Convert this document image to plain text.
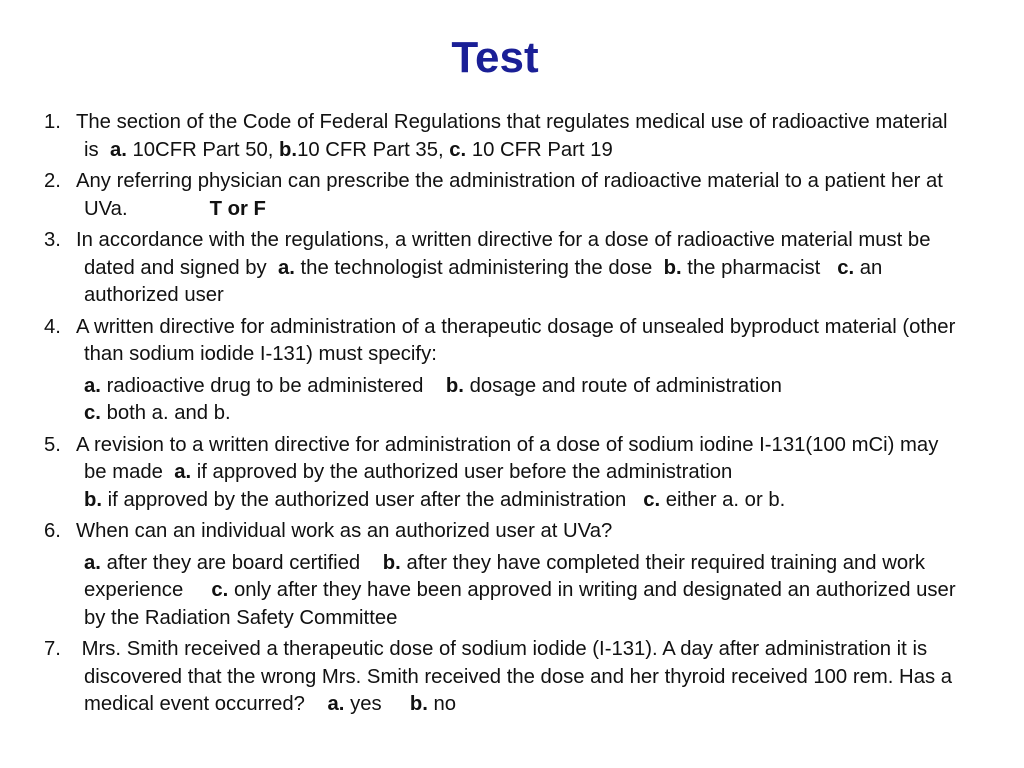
Test
1. The section of the Code of Federal Regulations that regulates medical use of radioactive material is a. 10CFR Part 50, b.10 CFR Part 35, c. 10 CFR Part 19
2. Any referring physician can prescribe the administration of radioactive material to a patient her at UVa.	T or F
3. In accordance with the regulations, a written directive for a dose of radioactive material must be dated and signed by a. the technologist administering the dose b. the pharmacist c. an authorized user
4. A written directive for administration of a therapeutic dosage of unsealed byproduct material (other than sodium iodide I-131) must specify:
a. radioactive drug to be administered b. dosage and route of administration
c. both a. and b.
5. A revision to a written directive for administration of a dose of sodium iodine I-131(100 mCi) may be made a. if approved by the authorized user before the administration
b. if approved by the authorized user after the administration c. either a. or b.
6. When can an individual work as an authorized user at UVa?
a. after they are board certified b. after they have completed their required training and work experience c. only after they have been approved in writing and designated an authorized user by the Radiation Safety Committee
7. Mrs. Smith received a therapeutic dose of sodium iodide (I-131). A day after administration it is discovered that the wrong Mrs. Smith received the dose and her thyroid received 100 rem. Has a medical event occurred? a. yes b. no
